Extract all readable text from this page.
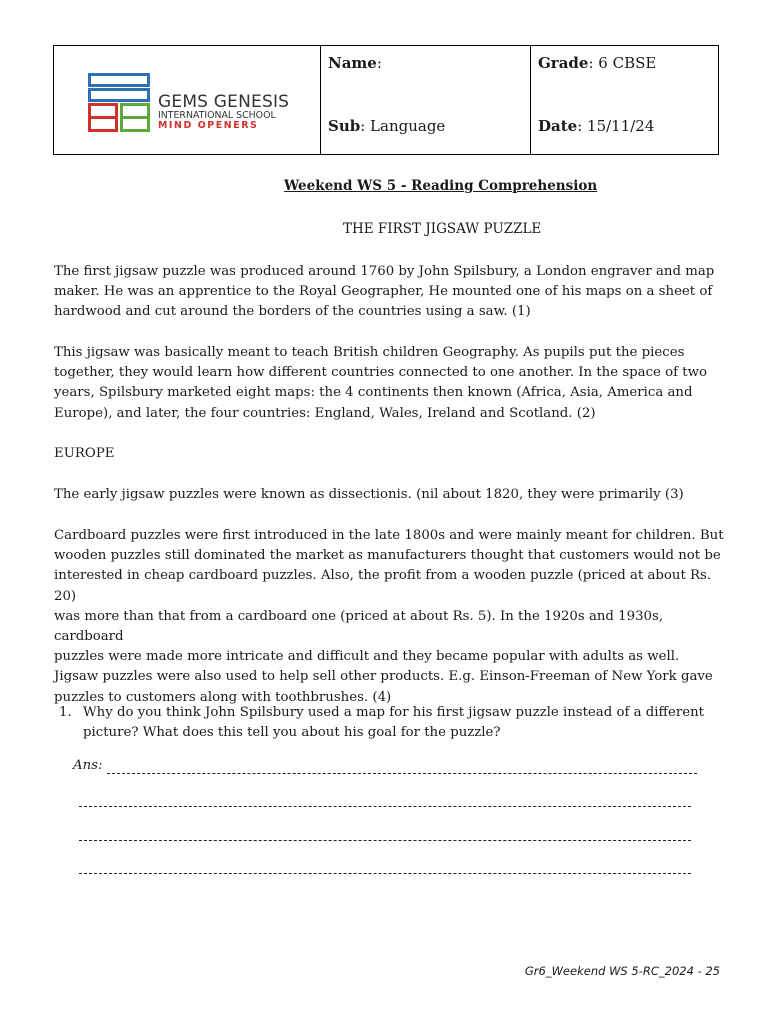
GEMS GENESIS
INTERNATIONAL SCHOOL
MIND OPENERS
Name:
Sub: Language
Grade: 6 CBSE
Date: 15/11/24
Weekend WS 5 - Reading Comprehension
THE FIRST JIGSAW PUZZLE
The first jigsaw puzzle was produced around 1760 by John Spilsbury, a London engraver and map
maker. He was an apprentice to the Royal Geographer, He mounted one of his maps on a sheet of
hardwood and cut around the borders of the countries using a saw. (1)
This jigsaw was basically meant to teach British children Geography. As pupils put the pieces
together, they would learn how different countries connected to one another. In the space of two
years, Spilsbury marketed eight maps: the 4 continents then known (Africa, Asia, America and
Europe), and later, the four countries: England, Wales, Ireland and Scotland. (2)
EUROPE
The early jigsaw puzzles were known as dissectionis. (nil about 1820, they were primarily (3)
Cardboard puzzles were first introduced in the late 1800s and were mainly meant for children. But
wooden puzzles still dominated the market as manufacturers thought that customers would not be
interested in cheap cardboard puzzles. Also, the profit from a wooden puzzle (priced at about Rs. 20)
was more than that from a cardboard one (priced at about Rs. 5). In the 1920s and 1930s, cardboard
puzzles were made more intricate and difficult and they became popular with adults as well.
Jigsaw puzzles were also used to help sell other products. E.g. Einson-Freeman of New York gave
puzzles to customers along with toothbrushes. (4)
1. Why do you think John Spilsbury used a map for his first jigsaw puzzle instead of a different
picture? What does this tell you about his goal for the puzzle?
Ans:
Gr6_Weekend WS 5-RC_2024 - 25
